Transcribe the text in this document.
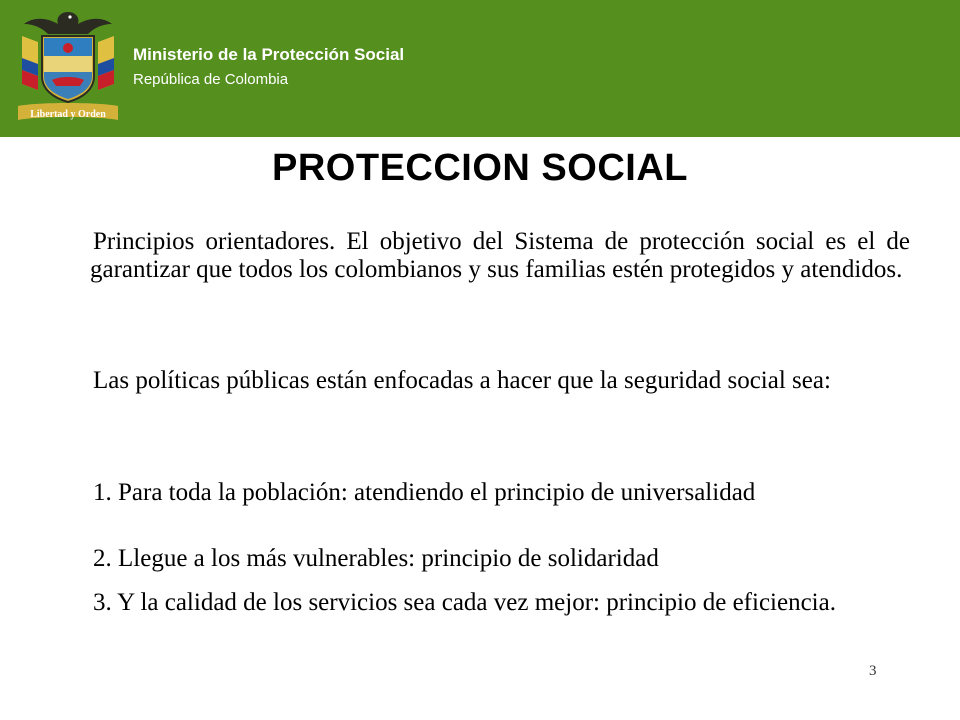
Libertad y Orden
Ministerio de la Protección Social
República de Colombia
PROTECCION SOCIAL
Principios orientadores. El objetivo del Sistema de protección social es el de garantizar que todos los colombianos y sus familias estén protegidos y atendidos.
Las políticas públicas están enfocadas a hacer que la seguridad social sea:
1. Para toda la población: atendiendo el principio de universalidad
2. Llegue a los más vulnerables: principio de solidaridad
3. Y la calidad de los servicios sea cada vez mejor: principio de eficiencia.
3
